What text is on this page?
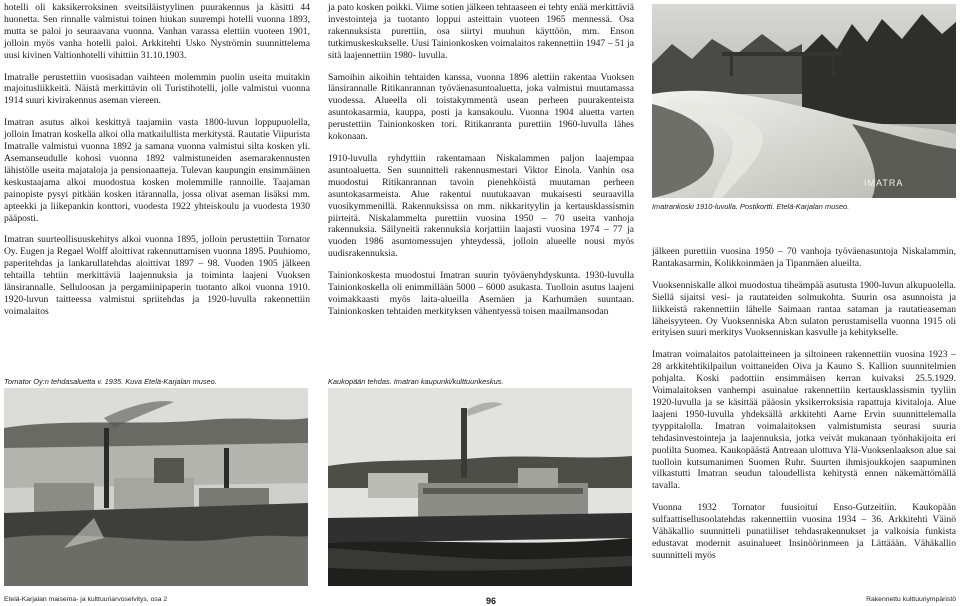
hotelli oli kaksikerroksinen sveitsiläistyylinen puurakennus ja käsitti 44 huonetta. Sen rinnalle valmistui toinen hiukan suurempi hotelli vuonna 1893, mutta se paloi jo seuraavana vuonna. Vanhan varassa elettiin vuoteen 1901, jolloin myös vanha hotelli paloi. Arkkitehti Usko Nyströmin suunnittelema uusi kivinen Valtionhotelli vihittiin 31.10.1903.

Imatralle perustettiin vuosisadan vaihteen molemmin puolin useita muitakin majoitusliikkeitä. Näistä merkittävin oli Turistihotelli, jolle valmistui vuonna 1914 suuri kivirakennus aseman viereen.

Imatran asutus alkoi keskittyä taajamiin vasta 1800-luvun loppupuolella, jolloin Imatran koskella alkoi olla matkailullista merkitystä. Rautatie Viipurista Imatralle valmistui vuonna 1892 ja samana vuonna valmistui silta kosken yli. Asemanseudulle kohosi vuonna 1892 valmistuneiden asemarakennusten lähistölle useita majataloja ja pensionaatteja. Tulevan kaupungin ensimmäinen keskustaajama alkoi muodostua kosken molemmille rannoille. Taajaman painopiste pysyi pitkään kosken itärannalla, jossa olivat aseman lisäksi mm. apteekki ja liikepankin konttori, vuodesta 1922 yhteiskoulu ja vuodesta 1930 pääposti.

Imatran suurteollisuuskehitys alkoi vuonna 1895, jolloin perustettiin Tornator Oy. Eugen ja Regael Wolff aloittivat rakennuttamisen vuonna 1895. Puuhiomo, paperitehdas ja lankarullatehdas aloittivat 1897 – 98. Vuoden 1905 jälkeen tehtailla tehtiin merkittäviä laajennuksia ja toiminta laajeni Vuoksen länsirannalle. Selluloosan ja pergamiinipaperin tuotanto alkoi vuonna 1910. 1920-luvun taitteessa valmistui spriitehdas ja 1920-luvulla rakennettiin voimalaitos

ja pato kosken poikki. Viime sotien jälkeen tehtaaseen ei tehty enää merkittäviä investointeja ja tuotanto loppui asteittain vuoteen 1965 mennessä. Osa rakennuksista purettiin, osa siirtyi muuhun käyttöön, mm. Enson tutkimuskeskukselle. Uusi Tainionkosken voimalaitos rakennettiin 1947 – 51 ja sitä laajennettiin 1980- luvulla.

Samoihin aikoihin tehtaiden kanssa, vuonna 1896 alettiin rakentaa Vuoksen länsirannalle Ritikanrannan työväenasuntoaluetta, joka valmistui muutamassa vuodessa. Alueella oli toistakymmentä usean perheen puurakenteista asuntokasarmia, kauppa, posti ja kansakoulu. Vuonna 1904 aluetta varten perustettiin Tainionkosken tori. Ritikanranta purettiin 1960-luvulla lähes kokonaan.

1910-luvulla ryhdyttiin rakentamaan Niskalammen paljon laajempaa asuntoaluetta. Sen suunnitteli rakennusmestari Viktor Einola. Vanhin osa muodostui Ritikanrannan tavoin pienehköistä muutaman perheen asuntokasarmeista. Alue rakentui nuutukaavan mukaisesti seuraavilla vuosikymmenillä. Rakennuksissa on mm. nikkarityylin ja kertausklassismin piirteitä. Niskalammelta purettiin vuosina 1950 – 70 useita vanhoja rakennuksia. Säilyneitä rakennuksia korjattiin laajasti vuosina 1974 – 77 ja vuoden 1986 asuntomessujen yhteydessä, jolloin alueelle nousi myös uudisrakennuksia.

Tainionkoskesta muodostui Imatran suurin työväenyhdyskunta. 1930-luvulla Tainionkoskella oli enimmillään 5000 – 6000 asukasta. Tuolloin asutus laajeni voimakkaasti myös laita-alueilla Asemäen ja Karhumäen suuntaan. Tainionkosken tehtaiden merkityksen vähentyessä toisen maailmansodan

jälkeen purettiin vuosina 1950 – 70 vanhoja työväenasuntoja Niskalammin, Rantakasarmin, Kolikkoinmäen ja Tipanmäen alueilta.

Vuoksenniskalle alkoi muodostua tiheämpää asutusta 1900-luvun alkupuolella. Siellä sijaitsi vesi- ja rautateiden solmukohta. Suurin osa asunnoista ja liikkeistä rakennettiin lähelle Saimaan rantaa sataman ja rautatieaseman läheisyyteen. Oy Vuoksenniska Ab:n sulaton perustamisella vuonna 1915 oli erityisen suuri merkitys Vuoksenniskan kasvulle ja kehitykselle.

Imatran voimalaitos patolaitteineen ja siltoineen rakennettiin vuosina 1923 – 28 arkkitehtikilpailun voittaneiden Oiva ja Kauno S. Kallion suunnitelmien pohjalta. Koski padottiin ensimmäisen kerran kuivaksi 25.5.1929. Voimalaitoksen vanhempi asuinalue rakennettiin kertausklassismin tyyliin 1920-luvulla ja se käsittää pääosin yksikerroksisia rapattuja kivitaloja. Alue laajeni 1950-luvulla yhdeksällä arkkitehti Aarne Ervin suunnittelemalla tyyppitalolla. Imatran voimalaitoksen valmistumista seurasi suuria tehdasinvestointeja ja laajennuksia, jotka veivät mukanaan työnhakijoita eri puolilta Suomea. Kaukopäästä Antreaan ulottuva Ylä-Vuoksenlaakson alue sai tuolloin kutsumanimen Suomen Ruhr. Suurten ihmisjoukkojen saapuminen vilkastutti Imatran seudun taloudellista kehitystä ennen näkemättömällä tavalla.

Vuonna 1932 Tornator fuusioitui Enso-Gutzeitiin. Kaukopään sulfaattisellusoolatehdas rakennettiin vuosina 1934 – 36. Arkkitehti Väinö Vähäkallio suunnitteli punatiiliset tehdasrakennukset ja valkoisia funkista edustavat modernit asuinalueet Insinöörinmeen ja Lättäään. Vähäkallio suunnitteli myös

IMATRA
Imatrankoski 1910-luvulla. Postikortti. Etelä-Karjalan museo.
Tornator Oy:n tehdasaluetta v. 1935. Kuva Etelä-Karjalan museo.	Kaukopään tehdas. Imatran kaupunki/kulttuurikeskus.
Etelä-Karjalan maisema- ja kulttuuriarvoselvitys, osa 2	96	Rakennettu kulttuuriympäristö
